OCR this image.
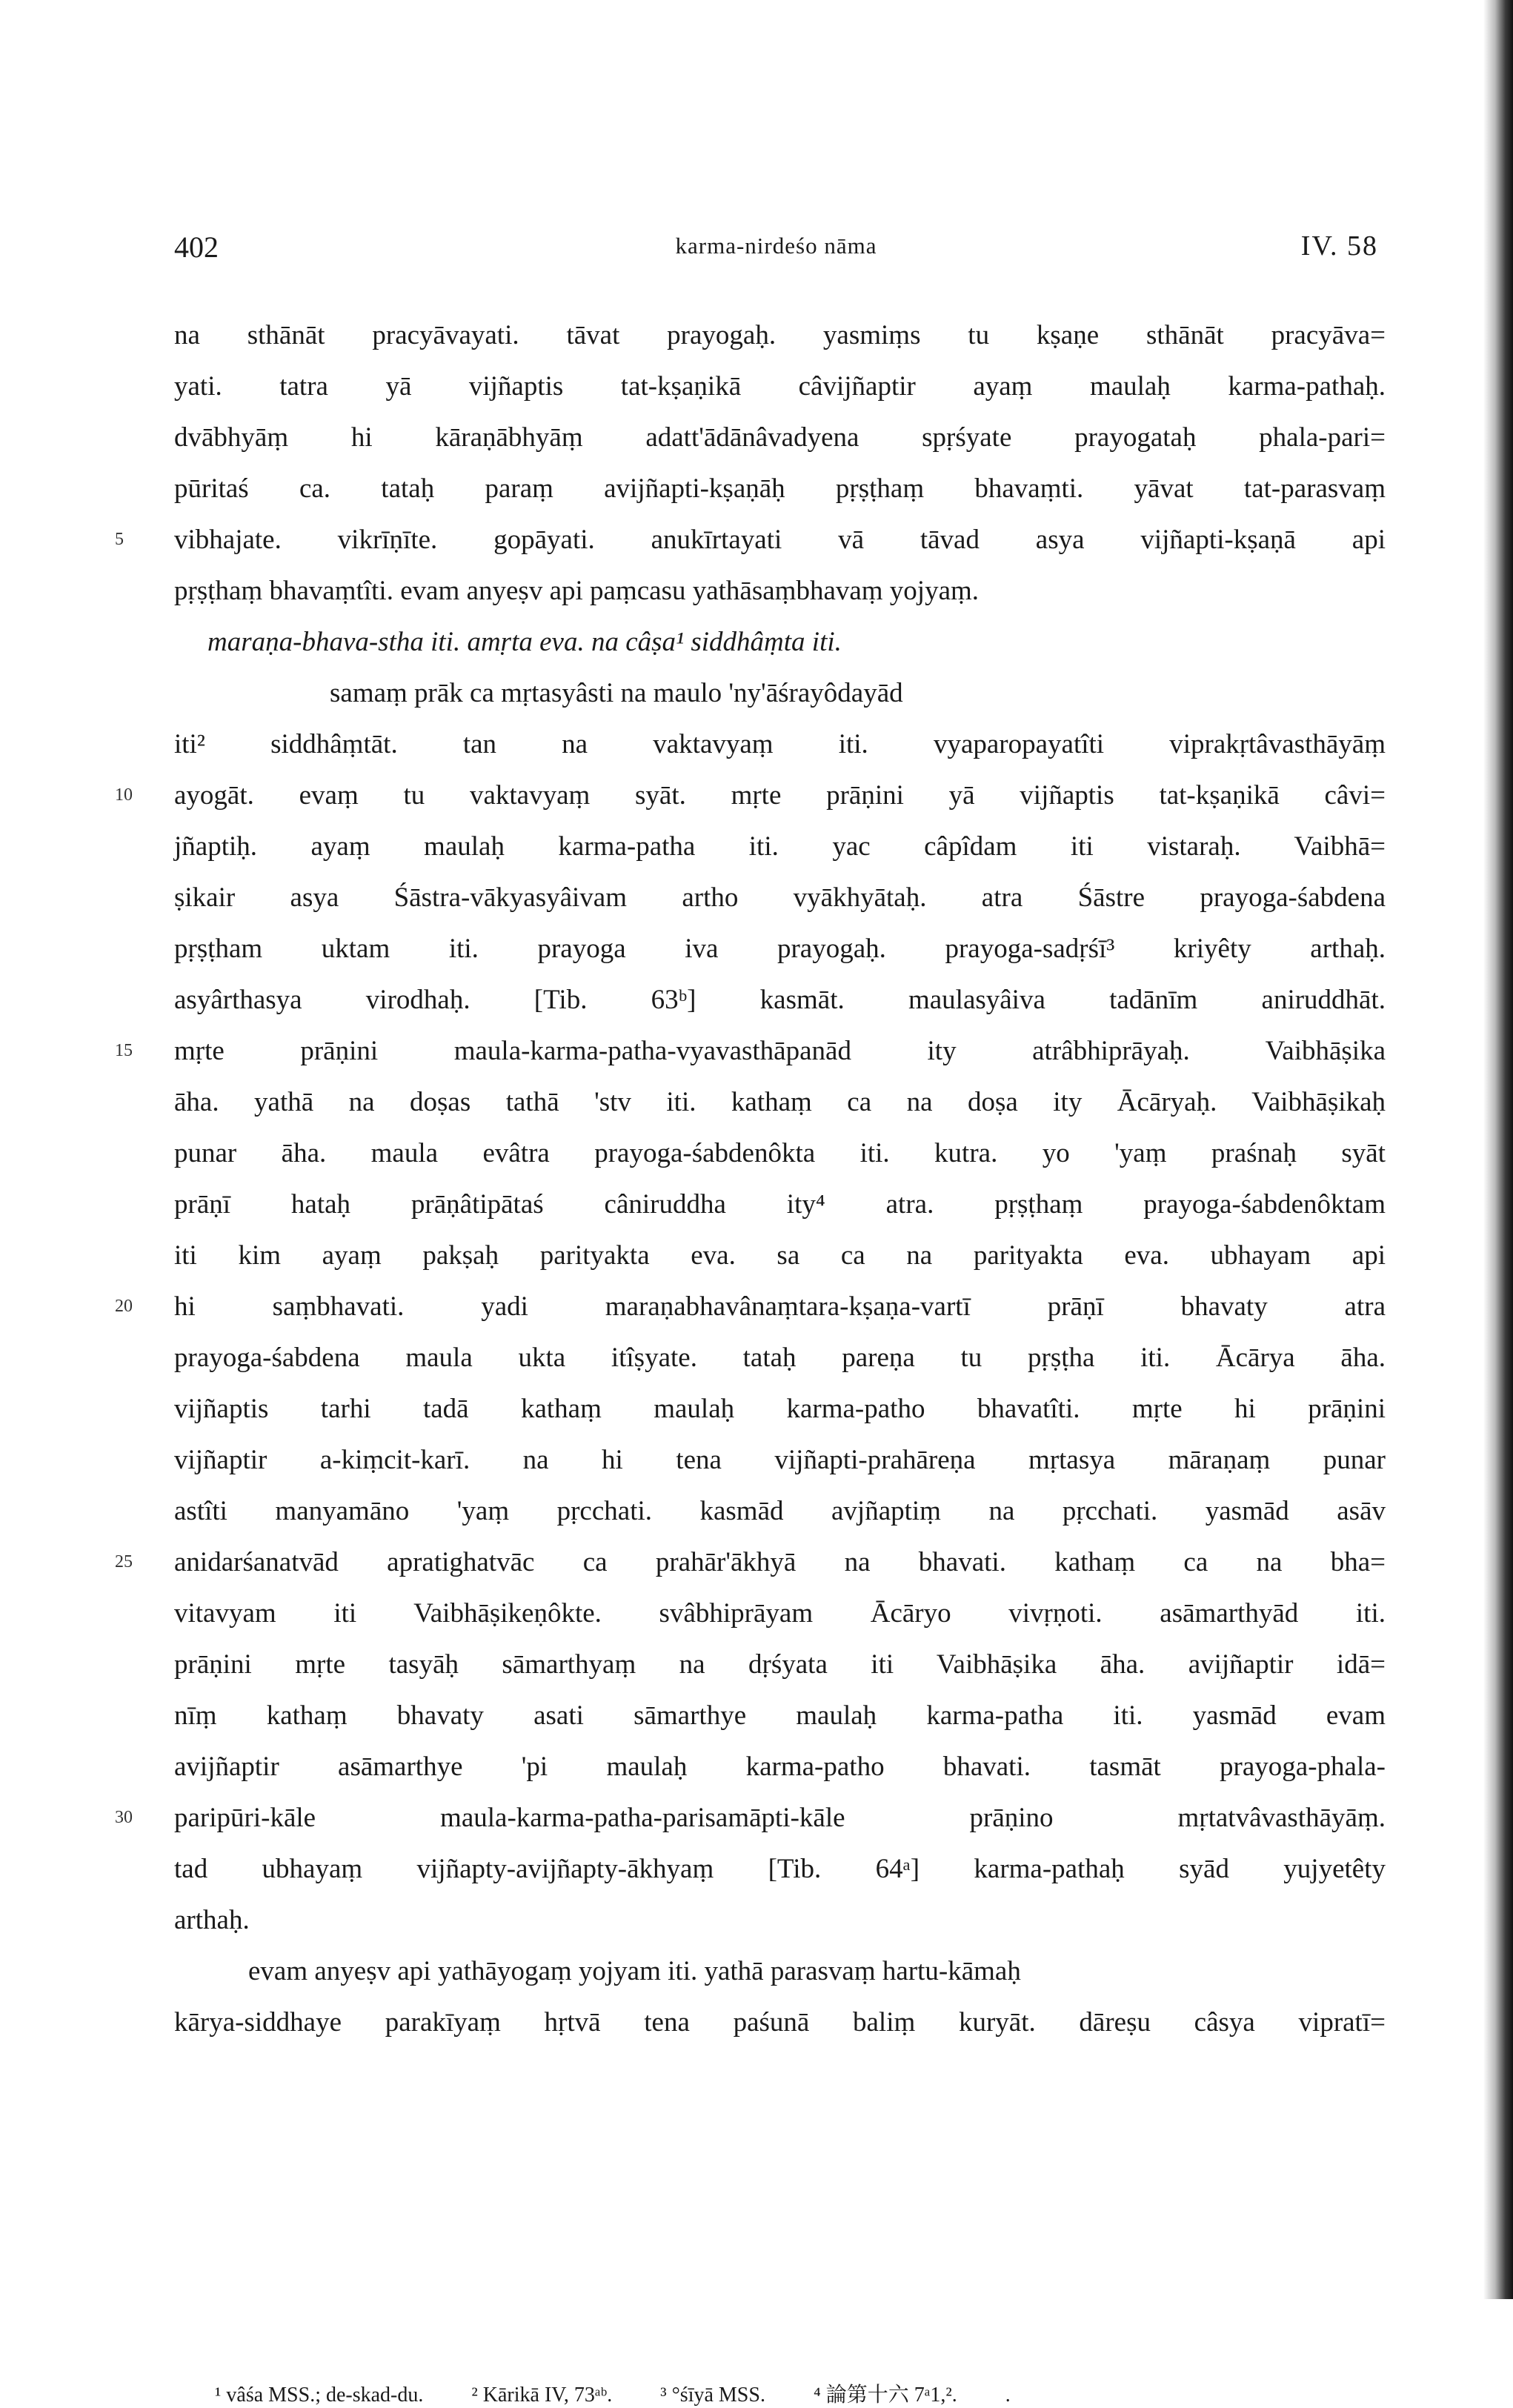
402	karma-nirdeśo nāma	IV. 58
na sthānāt pracyāvayati. tāvat prayogaḥ. yasmiṃs tu kṣaṇe sthānāt pracyāva=
yati. tatra yā vijñaptis tat-kṣaṇikā câvijñaptir ayaṃ maulaḥ karma-pathaḥ.
dvābhyāṃ hi kāraṇābhyāṃ adatt'ādānâvadyena spṛśyate prayogataḥ phala-pari=
pūritaś ca. tataḥ paraṃ avijñapti-kṣaṇāḥ pṛṣṭhaṃ bhavaṃti. yāvat tat-parasvaṃ
5	vibhajate. vikrīṇīte. gopāyati. anukīrtayati vā tāvad asya vijñapti-kṣaṇā api
pṛṣṭhaṃ bhavaṃtîti. evam anyeṣv api paṃcasu yathāsaṃbhavaṃ yojyaṃ.
maraṇa-bhava-stha iti. amṛta eva. na câṣa¹ siddhâṃta iti.
samaṃ prāk ca mṛtasyâsti na maulo 'ny'āśrayôdayād
iti² siddhâṃtāt. tan na vaktavyaṃ iti. vyaparopayatîti viprakṛtâvasthāyāṃ
10	ayogāt. evaṃ tu vaktavyaṃ syāt. mṛte prāṇini yā vijñaptis tat-kṣaṇikā câvi=
jñaptiḥ. ayaṃ maulaḥ karma-patha iti. yac câpîdam iti vistaraḥ. Vaibhā=
ṣikair asya Śāstra-vākyasyâivam artho vyākhyātaḥ. atra Śāstre prayoga-śabdena
pṛṣṭham uktam iti. prayoga iva prayogaḥ. prayoga-sadṛśī³ kriyêty arthaḥ.
asyârthasya virodhaḥ. [Tib. 63ᵇ] kasmāt. maulasyâiva tadānīm aniruddhāt.
15	mṛte prāṇini maula-karma-patha-vyavasthāpanād ity atrâbhiprāyaḥ. Vaibhāṣika
āha. yathā na doṣas tathā 'stv iti. kathaṃ ca na doṣa ity Ācāryaḥ. Vaibhāṣikaḥ
punar āha. maula evâtra prayoga-śabdenôkta iti. kutra. yo 'yaṃ praśnaḥ syāt
prāṇī hataḥ prāṇâtipātaś câniruddha ity⁴ atra. pṛṣṭhaṃ prayoga-śabdenôktam
iti kim ayaṃ pakṣaḥ parityakta eva. sa ca na parityakta eva. ubhayam api
20	hi saṃbhavati. yadi maraṇabhavânaṃtara-kṣaṇa-vartī prāṇī bhavaty atra
prayoga-śabdena maula ukta itîṣyate. tataḥ pareṇa tu pṛṣṭha iti. Ācārya āha.
vijñaptis tarhi tadā kathaṃ maulaḥ karma-patho bhavatîti. mṛte hi prāṇini
vijñaptir a-kiṃcit-karī. na hi tena vijñapti-prahāreṇa mṛtasya māraṇaṃ punar
astîti manyamāno 'yaṃ pṛcchati. kasmād avjñaptiṃ na pṛcchati. yasmād asāv
25	anidarśanatvād apratighatvāc ca prahār'ākhyā na bhavati. kathaṃ ca na bha=
vitavyam iti Vaibhāṣikeṇôkte. svâbhiprāyam Ācāryo vivṛṇoti. asāmarthyād iti.
prāṇini mṛte tasyāḥ sāmarthyaṃ na dṛśyata iti Vaibhāṣika āha. avijñaptir idā=
nīṃ kathaṃ bhavaty asati sāmarthye maulaḥ karma-patha iti. yasmād evam
avijñaptir asāmarthye 'pi maulaḥ karma-patho bhavati. tasmāt prayoga-phala-
30	paripūri-kāle maula-karma-patha-parisamāpti-kāle prāṇino mṛtatvâvasthāyāṃ.
tad ubhayaṃ vijñapty-avijñapty-ākhyaṃ [Tib. 64ᵃ] karma-pathaḥ syād yujyetêty
arthaḥ.
evam anyeṣv api yathāyogaṃ yojyam iti. yathā parasvaṃ hartu-kāmaḥ
kārya-siddhaye parakīyaṃ hṛtvā tena paśunā baliṃ kuryāt. dāreṣu câsya vipratī=
¹ vâśa MSS.; de-skad-du. ² Kārikā IV, 73ᵃᵇ. ³ °śīyā MSS. ⁴ 論第十六 7ᵃ1,². .
